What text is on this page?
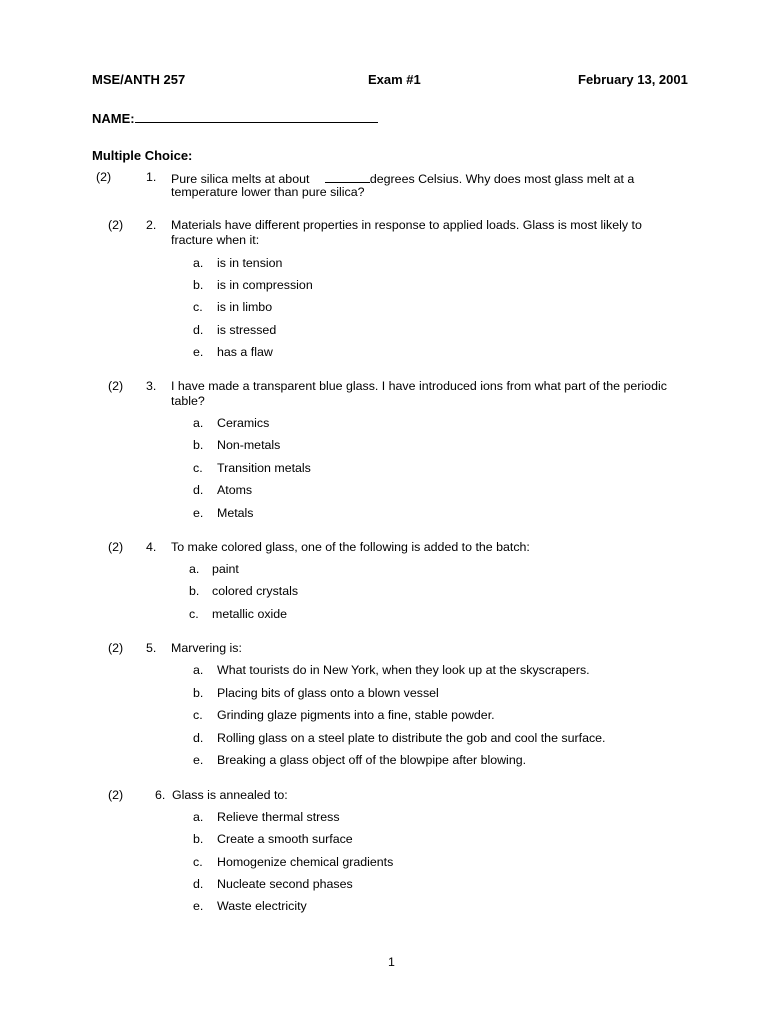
MSE/ANTH 257	Exam #1	February 13, 2001
NAME:
Multiple Choice:
(2)	1. Pure silica melts at about	degrees Celsius. Why does most glass melt at a
temperature lower than pure silica?
(2) 2. Materials have different properties in response to applied loads. Glass is most likely to
fracture when it:
a. is in tension
b. is in compression
c. is in limbo
d. is stressed
e. has a flaw
(2) 3. I have made a transparent blue glass. I have introduced ions from what part of the periodic
table?
a. Ceramics
b. Non-metals
c. Transition metals
d. Atoms
e. Metals
(2) 4. To make colored glass, one of the following is added to the batch:
a. paint
b. colored crystals
c. metallic oxide
(2) 5. Marvering is:
a. What tourists do in New York, when they look up at the skyscrapers.
b. Placing bits of glass onto a blown vessel
c. Grinding glaze pigments into a fine, stable powder.
d. Rolling glass on a steel plate to distribute the gob and cool the surface.
e. Breaking a glass object off of the blowpipe after blowing.
(2)	6. Glass is annealed to:
a. Relieve thermal stress
b. Create a smooth surface
c. Homogenize chemical gradients
d. Nucleate second phases
e. Waste electricity
1
